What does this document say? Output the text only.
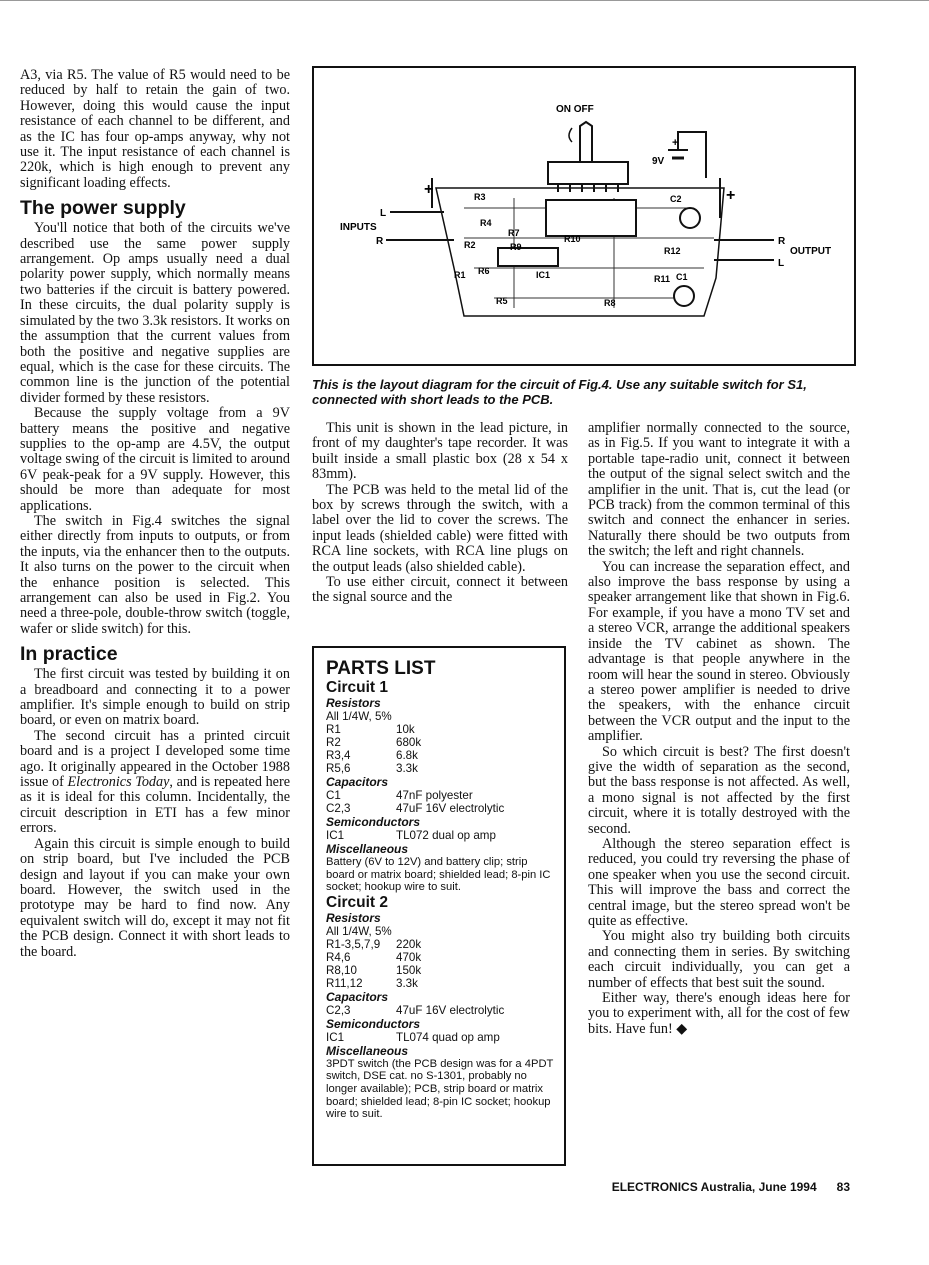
A3, via R5. The value of R5 would need to be reduced by half to retain the gain of two. However, doing this would cause the input resistance of each channel to be different, and as the IC has four op-amps anyway, why not use it. The input resistance of each channel is 220k, which is high enough to prevent any significant loading effects.

The power supply

You'll notice that both of the circuits we've described use the same power supply arrangement. Op amps usually need a dual polarity power supply, which normally means two batteries if the circuit is battery powered. In these circuits, the dual polarity supply is simulated by the two 3.3k resistors. It works on the assumption that the current values from both the positive and negative supplies are equal, which is the case for these circuits. The common line is the junction of the potential divider formed by these resistors.

Because the supply voltage from a 9V battery means the positive and negative supplies to the op-amp are 4.5V, the output voltage swing of the circuit is limited to around 6V peak-peak for a 9V supply. However, this should be more than adequate for most applications.

The switch in Fig.4 switches the signal either directly from inputs to outputs, or from the inputs, via the enhancer then to the outputs. It also turns on the power to the circuit when the enhance position is selected. This arrangement can also be used in Fig.2. You need a three-pole, double-throw switch (toggle, wafer or slide switch) for this.

In practice

The first circuit was tested by building it on a breadboard and connecting it to a power amplifier. It's simple enough to build on strip board, or even on matrix board.

The second circuit has a printed circuit board and is a project I developed some time ago. It originally appeared in the October 1988 issue of Electronics Today, and is repeated here as it is ideal for this column. Incidentally, the circuit description in ETI has a few minor errors.

Again this circuit is simple enough to build on strip board, but I've included the PCB design and layout if you can make your own board. However, the switch used in the prototype may be hard to find now. Any equivalent switch will do, except it may not fit the PCB design. Connect it with short leads to the board.

ON OFF
9V
+
INPUTS
L
R
+
OUTPUT
R
L
+
R3
R4
R7
R9
R10
R2
R1 R6	IC1
R5	R8
C2
R12
R11 C1
This is the layout diagram for the circuit of Fig.4. Use any suitable switch for S1, connected with short leads to the PCB.

This unit is shown in the lead picture, in front of my daughter's tape recorder. It was built inside a small plastic box (28 x 54 x 83mm).

The PCB was held to the metal lid of the box by screws through the switch, with a label over the lid to cover the screws. The input leads (shielded cable) were fitted with RCA line sockets, with RCA line plugs on the output leads (also shielded cable).

To use either circuit, connect it between the signal source and the

PARTS LIST
Circuit 1
Resistors
All 1/4W, 5%
R1	10k
R2	680k
R3,4	6.8k
R5,6	3.3k
Capacitors
C1	47nF polyester
C2,3	47uF 16V electrolytic
Semiconductors
IC1	TL072 dual op amp
Miscellaneous
Battery (6V to 12V) and battery clip; strip board or matrix board; shielded lead; 8-pin IC socket; hookup wire to suit.
Circuit 2
Resistors
All 1/4W, 5%
R1-3,5,7,9	220k
R4,6	470k
R8,10	150k
R11,12	3.3k
Capacitors
C2,3	47uF 16V electrolytic
Semiconductors
IC1	TL074 quad op amp
Miscellaneous
3PDT switch (the PCB design was for a 4PDT switch, DSE cat. no S-1301, probably no longer available); PCB, strip board or matrix board; shielded lead; 8-pin IC socket; hookup wire to suit.

amplifier normally connected to the source, as in Fig.5. If you want to integrate it with a portable tape-radio unit, connect it between the output of the signal select switch and the amplifier in the unit. That is, cut the lead (or PCB track) from the common terminal of this switch and connect the enhancer in series. Naturally there should be two outputs from the switch; the left and right channels.

You can increase the separation effect, and also improve the bass response by using a speaker arrangement like that shown in Fig.6. For example, if you have a mono TV set and a stereo VCR, arrange the additional speakers inside the TV cabinet as shown. The advantage is that people anywhere in the room will hear the sound in stereo. Obviously a stereo power amplifier is needed to drive the speakers, with the enhance circuit between the VCR output and the input to the amplifier.

So which circuit is best? The first doesn't give the width of separation as the second, but the bass response is not affected. As well, a mono signal is not affected by the first circuit, where it is totally destroyed with the second.

Although the stereo separation effect is reduced, you could try reversing the phase of one speaker when you use the second circuit. This will improve the bass and correct the central image, but the stereo spread won't be quite as effective.

You might also try building both circuits and connecting them in series. By switching each circuit individually, you can get a number of effects that best suit the sound.

Either way, there's enough ideas here for you to experiment with, all for the cost of few bits. Have fun! ◆

ELECTRONICS Australia, June 1994 83
